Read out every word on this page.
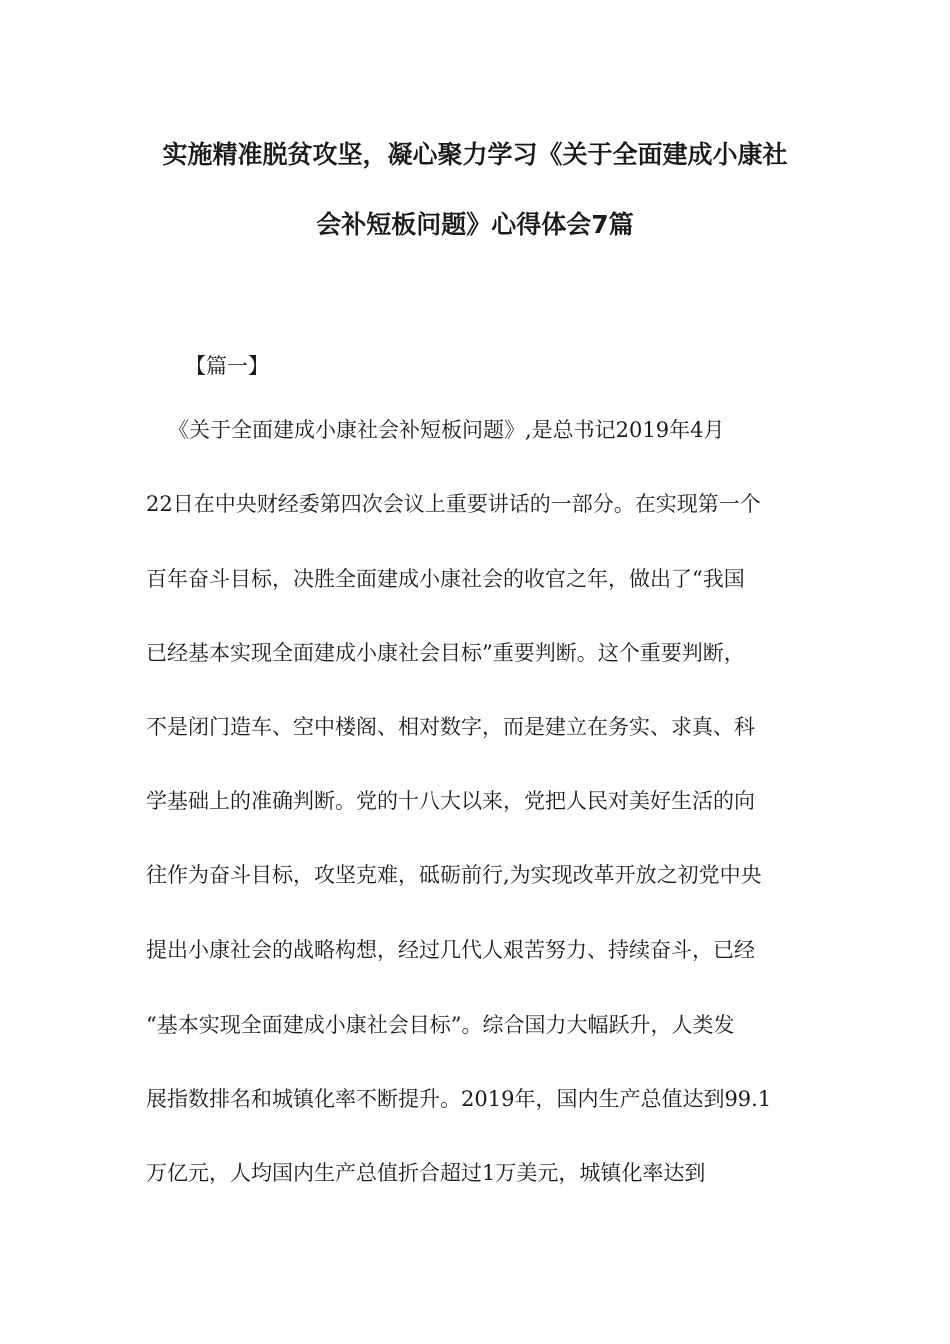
实施精准脱贫攻坚，凝心聚力学习《关于全面建成小康社
会补短板问题》心得体会7篇
【篇一】
《关于全面建成小康社会补短板问题》,是总书记2019年4月
22日在中央财经委第四次会议上重要讲话的一部分。在实现第一个
百年奋斗目标，决胜全面建成小康社会的收官之年，做出了“我国
已经基本实现全面建成小康社会目标”重要判断。这个重要判断，
不是闭门造车、空中楼阁、相对数字，而是建立在务实、求真、科
学基础上的准确判断。党的十八大以来，党把人民对美好生活的向
往作为奋斗目标，攻坚克难，砥砺前行,为实现改革开放之初党中央
提出小康社会的战略构想，经过几代人艰苦努力、持续奋斗，已经
“基本实现全面建成小康社会目标”。综合国力大幅跃升，人类发
展指数排名和城镇化率不断提升。2019年，国内生产总值达到99.1
万亿元，人均国内生产总值折合超过1万美元，城镇化率达到
